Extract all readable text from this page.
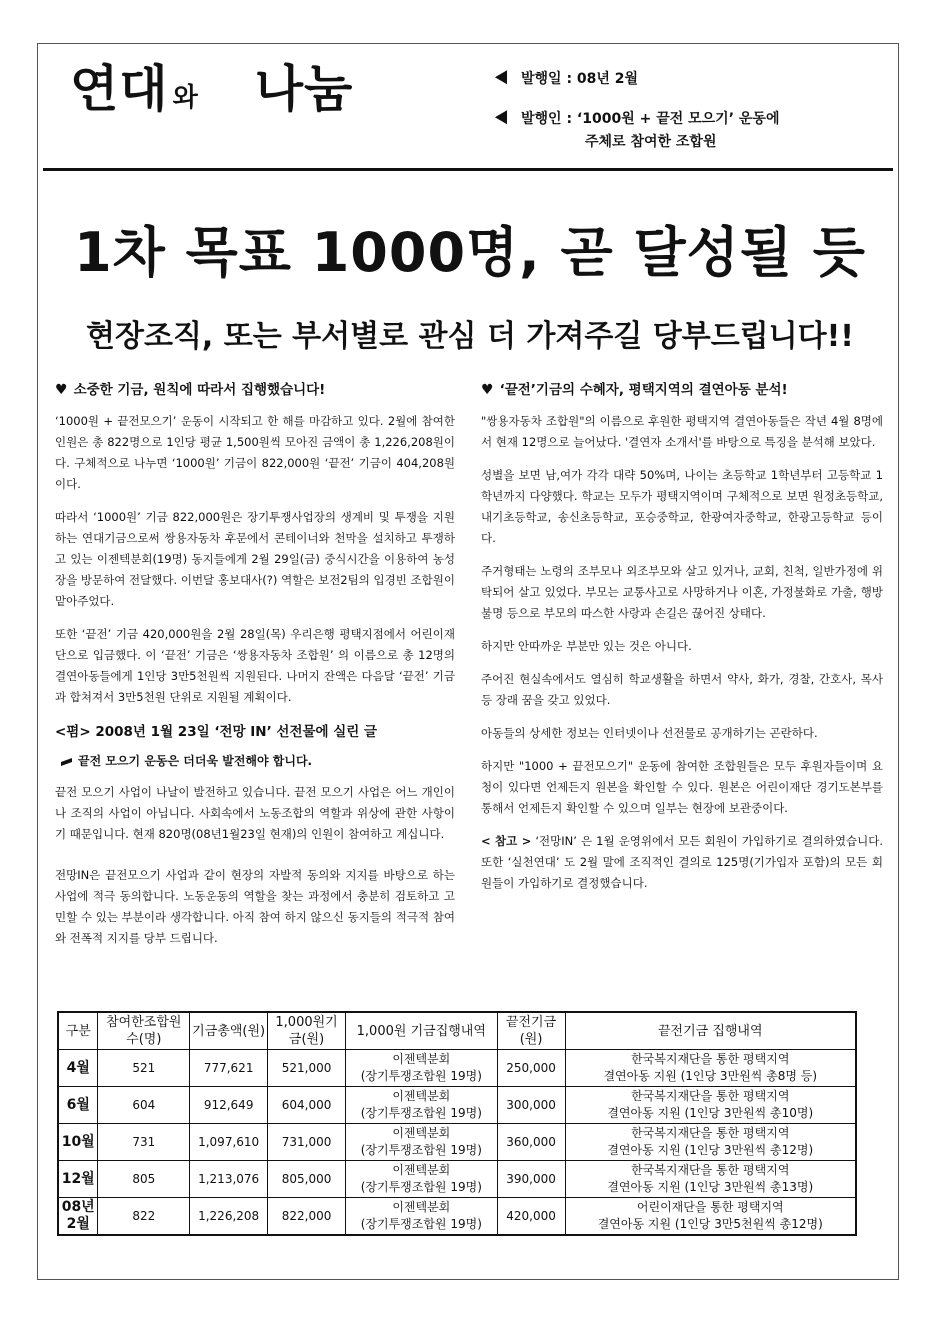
연대 와 나눔	발행일 : 08년 2월
발행인 : ‘1000원 + 끝전 모으기’ 운동에
주체로 참여한 조합원
1차 목표 1000명, 곧 달성될 듯
현장조직, 또는 부서별로 관심 더 가져주길 당부드립니다!!
♥ 소중한 기금, 원칙에 따라서 집행했습니다!

‘1000원 + 끝전모으기’ 운동이 시작되고 한 해를 마감하고 있다. 2월에 참여한 인원은 총 822명으로 1인당 평균 1,500원씩 모아진 금액이 총 1,226,208원이다. 구체적으로 나누면 ‘1000원’ 기금이 822,000원 ‘끝전’ 기금이 404,208원이다.

따라서 ‘1000원’ 기금 822,000원은 장기투쟁사업장의 생계비 및 투쟁을 지원하는 연대기금으로써 쌍용자동차 후문에서 콘테이너와 천막을 설치하고 투쟁하고 있는 이젠텍분회(19명) 동지들에게 2월 29일(금) 중식시간을 이용하여 농성장을 방문하여 전달했다. 이번달 홍보대사(?) 역할은 보전2팀의 입경빈 조합원이 맡아주었다.

또한 ‘끝전’ 기금 420,000원을 2월 28일(목) 우리은행 평택지점에서 어린이재단으로 입금했다. 이 ‘끝전’ 기금은 ‘쌍용자동차 조합원’ 의 이름으로 총 12명의 결연아동들에게 1인당 3만5천원씩 지원된다. 나머지 잔액은 다음달 ‘끝전’ 기금과 합쳐져서 3만5천원 단위로 지원될 계획이다.

<폄> 2008년 1월 23일 ‘전망 IN’ 선전물에 실린 글
끝전 모으기 운동은 더더욱 발전해야 합니다.

끝전 모으기 사업이 나날이 발전하고 있습니다. 끝전 모으기 사업은 어느 개인이나 조직의 사업이 아닙니다. 사회속에서 노동조합의 역할과 위상에 관한 사항이기 때문입니다. 현재 820명(08년1월23일 현재)의 인원이 참여하고 계십니다.

전망IN은 끝전모으기 사업과 같이 현장의 자발적 동의와 지지를 바탕으로 하는 사업에 적극 동의합니다. 노동운동의 역할을 찾는 과정에서 충분히 검토하고 고민할 수 있는 부분이라 생각합니다. 아직 참여 하지 않으신 동지들의 적극적 참여와 전폭적 지지를 당부 드립니다.

♥ ‘끝전’기금의 수혜자, 평택지역의 결연아동 분석!

"쌍용자동차 조합원"의 이름으로 후원한 평택지역 결연아동들은 작년 4월 8명에서 현재 12명으로 늘어났다. '결연자 소개서'를 바탕으로 특징을 분석해 보았다.

성별을 보면 남,여가 각각 대략 50%며, 나이는 초등학교 1학년부터 고등학교 1학년까지 다양했다. 학교는 모두가 평택지역이며 구체적으로 보면 원정초등학교, 내기초등학교, 송신초등학교, 포승중학교, 한광여자중학교, 한광고등학교 등이다.

주거형태는 노령의 조부모나 외조부모와 살고 있거나, 교회, 친척, 일반가정에 위탁되어 살고 있었다. 부모는 교통사고로 사망하거나 이혼, 가정불화로 가출, 행방불명 등으로 부모의 따스한 사랑과 손길은 끊어진 상태다.

하지만 안따까운 부분만 있는 것은 아니다.

주어진 현실속에서도 열심히 학교생활을 하면서 약사, 화가, 경찰, 간호사, 목사 등 장래 꿈을 갖고 있었다.

아동들의 상세한 정보는 인터넷이나 선전물로 공개하기는 곤란하다.

하지만 "1000 + 끝전모으기" 운동에 참여한 조합원들은 모두 후원자들이며 요청이 있다면 언제든지 원본을 확인할 수 있다. 원본은 어린이재단 경기도본부를 통해서 언제든지 확인할 수 있으며 일부는 현장에 보관중이다.

< 참고 > ‘전망IN’ 은 1월 운영위에서 모든 회원이 가입하기로 결의하였습니다. 또한 ‘실천연대’ 도 2월 말에 조직적인 결의로 125명(기가입자 포함)의 모든 회원들이 가입하기로 결정했습니다.

구분	참여한조합원수(명)	기금총액(원)	1,000원기금(원)	1,000원 기금집행내역	끝전기금(원)	끝전기금 집행내역

4월	521	777,621	521,000	이젠텍분회
(장기투쟁조합원 19명)	250,000	한국복지재단을 통한 평택지역
결연아동 지원 (1인당 3만원씩 총8명 등)

6월	604	912,649	604,000	이젠텍분회
(장기투쟁조합원 19명)	300,000	한국복지재단을 통한 평택지역
결연아동 지원 (1인당 3만원씩 총10명)

10월	731	1,097,610	731,000	이젠텍분회
(장기투쟁조합원 19명)	360,000	한국복지재단을 통한 평택지역
결연아동 지원 (1인당 3만원씩 총12명)

12월	805	1,213,076	805,000	이젠텍분회
(장기투쟁조합원 19명)	390,000	한국복지재단을 통한 평택지역
결연아동 지원 (1인당 3만원씩 총13명)

08년
2월	822	1,226,208	822,000	이젠텍분회
(장기투쟁조합원 19명)	420,000	어린이재단을 통한 평택지역
결연아동 지원 (1인당 3만5천원씩 총12명)
